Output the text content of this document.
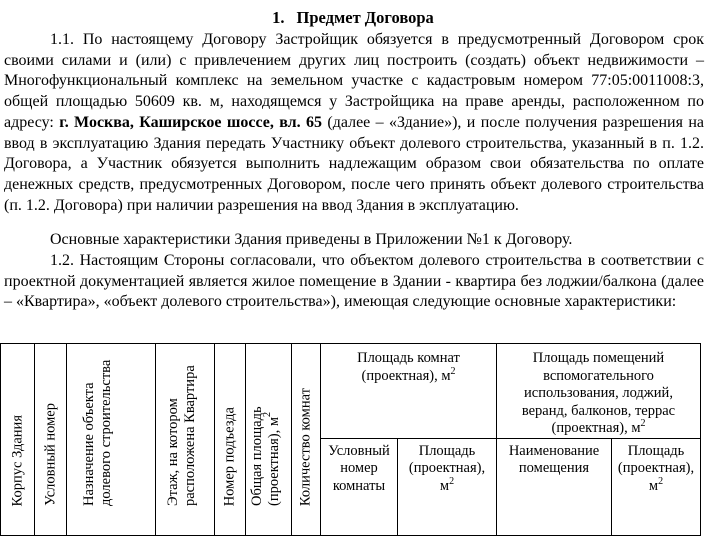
1. Предмет Договора
1.1. По настоящему Договору Застройщик обязуется в предусмотренный Договором срок своими силами и (или) с привлечением других лиц построить (создать) объект недвижимости – Многофункциональный комплекс на земельном участке с кадастровым номером 77:05:0011008:3, общей площадью 50609 кв. м, находящемся у Застройщика на праве аренды, расположенном по адресу: г. Москва, Каширское шоссе, вл. 65 (далее – «Здание»), и после получения разрешения на ввод в эксплуатацию Здания передать Участнику объект долевого строительства, указанный в п. 1.2. Договора, а Участник обязуется выполнить надлежащим образом свои обязательства по оплате денежных средств, предусмотренных Договором, после чего принять объект долевого строительства (п. 1.2. Договора) при наличии разрешения на ввод Здания в эксплуатацию.
Основные характеристики Здания приведены в Приложении №1 к Договору.
1.2. Настоящим Стороны согласовали, что объектом долевого строительства в соответствии с проектной документацией является жилое помещение в Здании - квартира без лоджии/балкона (далее – «Квартира», «объект долевого строительства»), имеющая следующие основные характеристики:
Корпус Здания	Условный номер	Назначение объекта долевого строительства	Этаж, на котором расположена Квартира	Номер подъезда	Общая площадь (проектная), $м^2$	Количество комнат	Площадь комнат (проектная), $м^2$		Площадь помещений вспомогательного использования, лоджий, веранд, балконов, террас (проектная), $м^2$

							Условный номер комнаты	Площадь (проектная), $м^2$	Наименование помещения	Площадь (проектная), $м^2$
